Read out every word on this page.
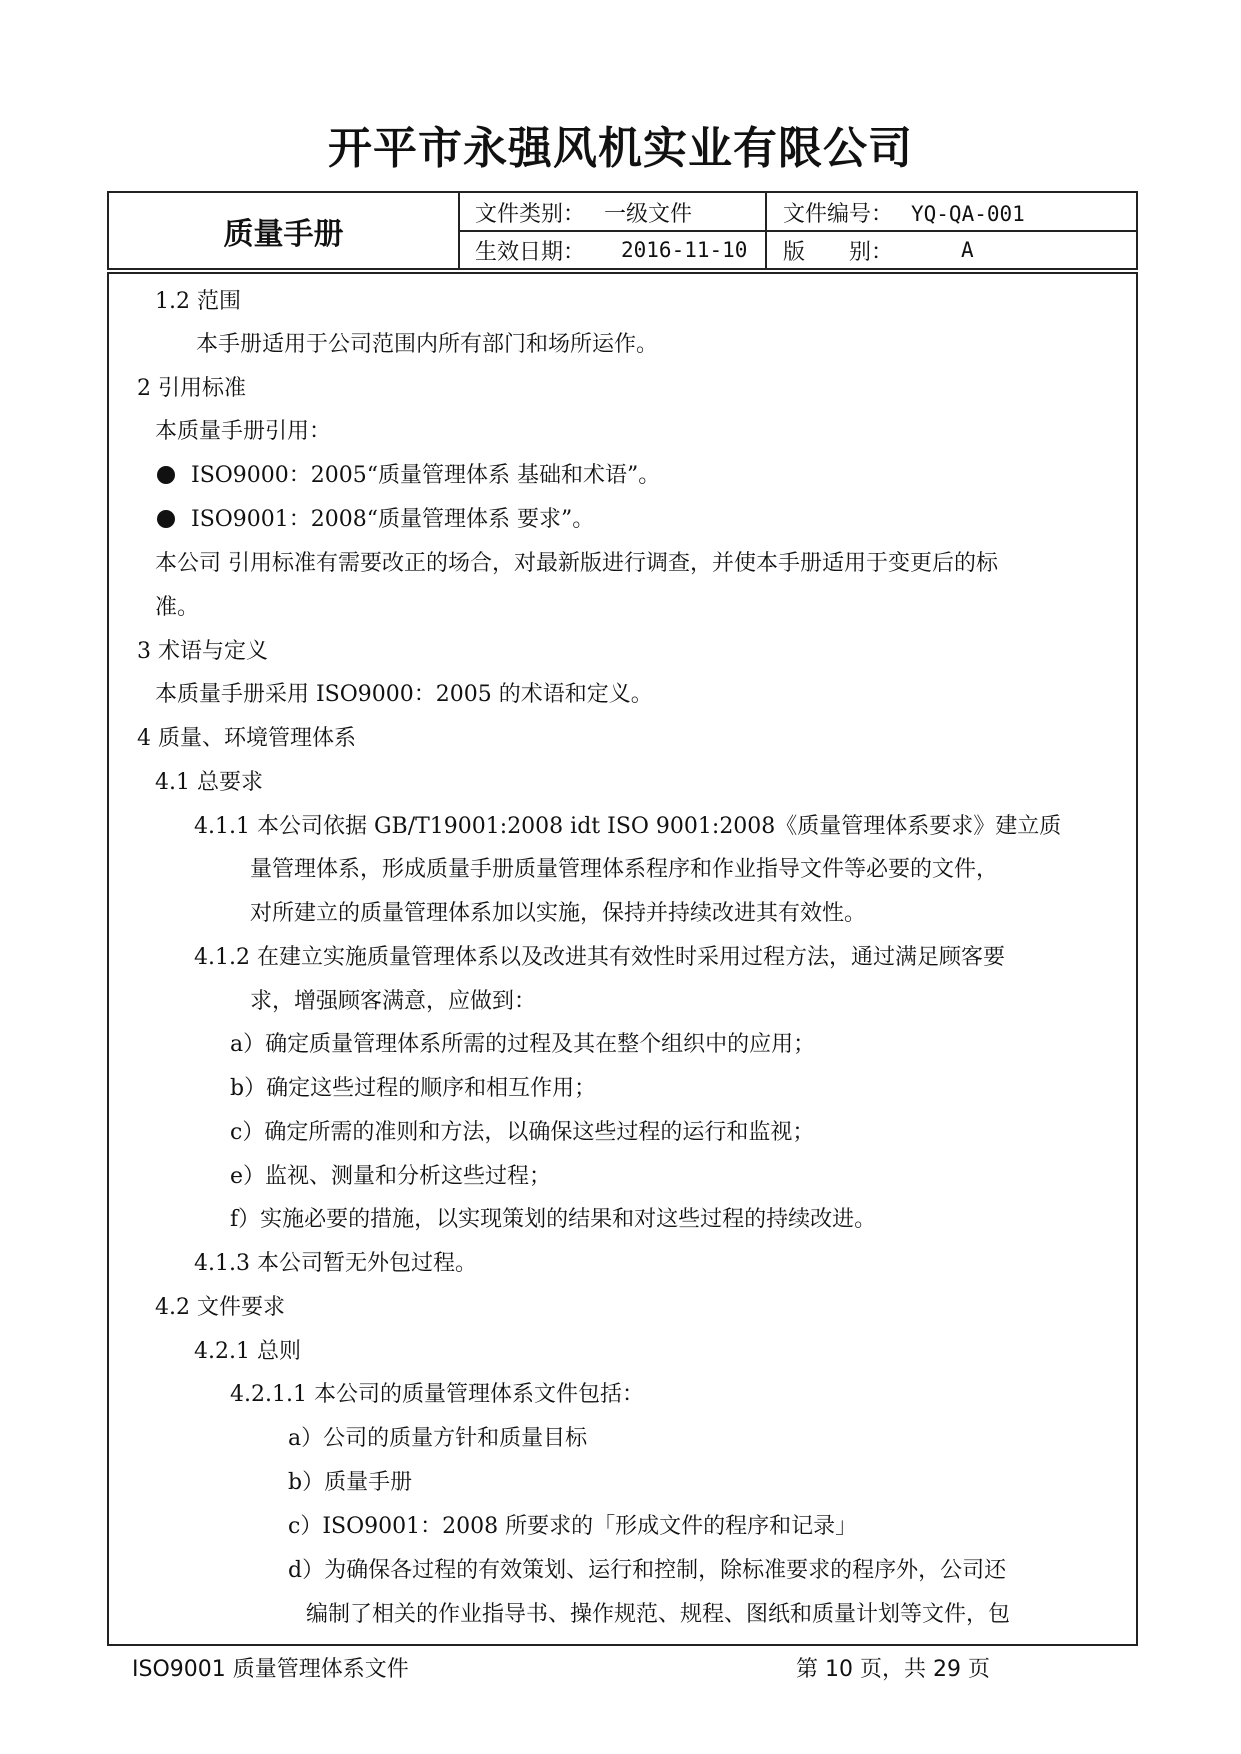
开平市永强风机实业有限公司
质量手册
文件类别： 一级文件	文件编号： YQ-QA-001
生效日期： 2016-11-10 版　　别：	A
1.2 范围
本手册适用于公司范围内所有部门和场所运作。
2 引用标准
本质量手册引用：
ISO9000：2005“质量管理体系 基础和术语”。
ISO9001：2008“质量管理体系 要求”。
本公司 引用标准有需要改正的场合，对最新版进行调查，并使本手册适用于变更后的标
准。
3 术语与定义
本质量手册采用 ISO9000：2005 的术语和定义。
4 质量、环境管理体系
4.1 总要求
4.1.1 本公司依据 GB/T19001:2008 idt ISO 9001:2008《质量管理体系要求》建立质
量管理体系，形成质量手册质量管理体系程序和作业指导文件等必要的文件，
对所建立的质量管理体系加以实施，保持并持续改进其有效性。
4.1.2 在建立实施质量管理体系以及改进其有效性时采用过程方法，通过满足顾客要
求，增强顾客满意，应做到：
a）确定质量管理体系所需的过程及其在整个组织中的应用；
b）确定这些过程的顺序和相互作用；
c）确定所需的准则和方法，以确保这些过程的运行和监视；
e）监视、测量和分析这些过程；
f）实施必要的措施，以实现策划的结果和对这些过程的持续改进。
4.1.3 本公司暂无外包过程。
4.2 文件要求
4.2.1 总则
4.2.1.1 本公司的质量管理体系文件包括：
a）公司的质量方针和质量目标
b）质量手册
c）ISO9001：2008 所要求的「形成文件的程序和记录」
d）为确保各过程的有效策划、运行和控制，除标准要求的程序外，公司还
编制了相关的作业指导书、操作规范、规程、图纸和质量计划等文件，包
ISO9001 质量管理体系文件	第 10 页，共 29 页
